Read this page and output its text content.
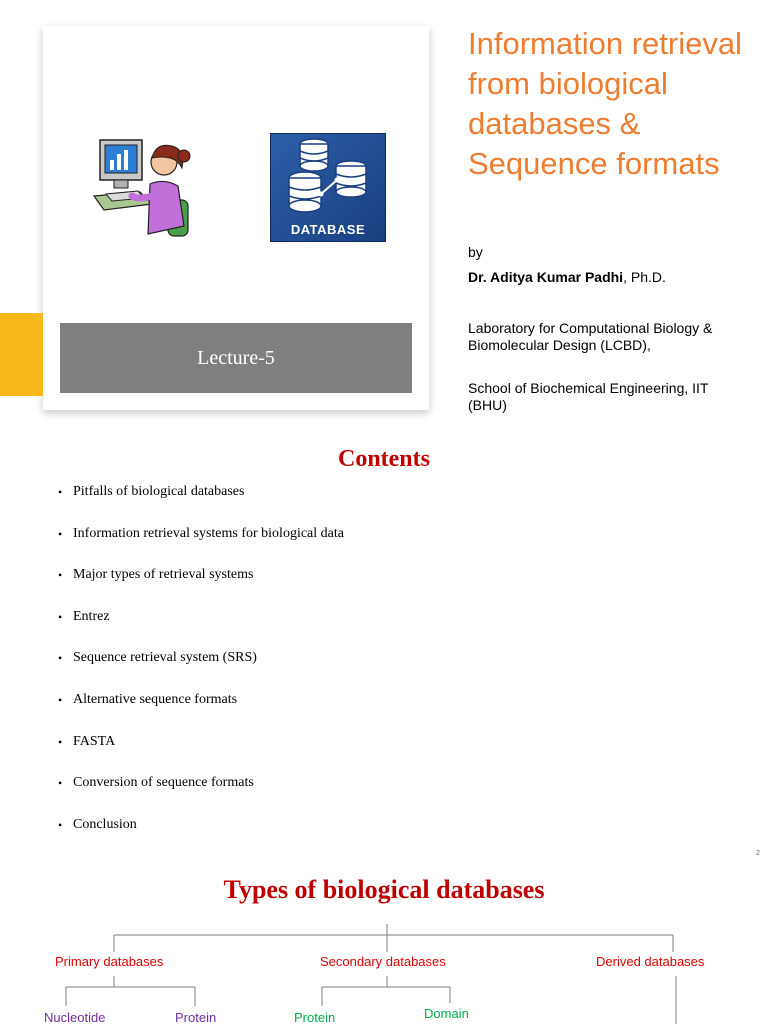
DATABASE
Lecture-5
Information retrieval from biological databases & Sequence formats
by
Dr. Aditya Kumar Padhi, Ph.D.
Laboratory for Computational Biology & Biomolecular Design (LCBD),
School of Biochemical Engineering, IIT (BHU)
Contents
• Pitfalls of biological databases
• Information retrieval systems for biological data
• Major types of retrieval systems
• Entrez
• Sequence retrieval system (SRS)
• Alternative sequence formats
• FASTA
• Conversion of sequence formats
• Conclusion
2
Types of biological databases
Primary databases	Secondary databases	Derived databases
Nucleotide	Protein	Protein	Domain
